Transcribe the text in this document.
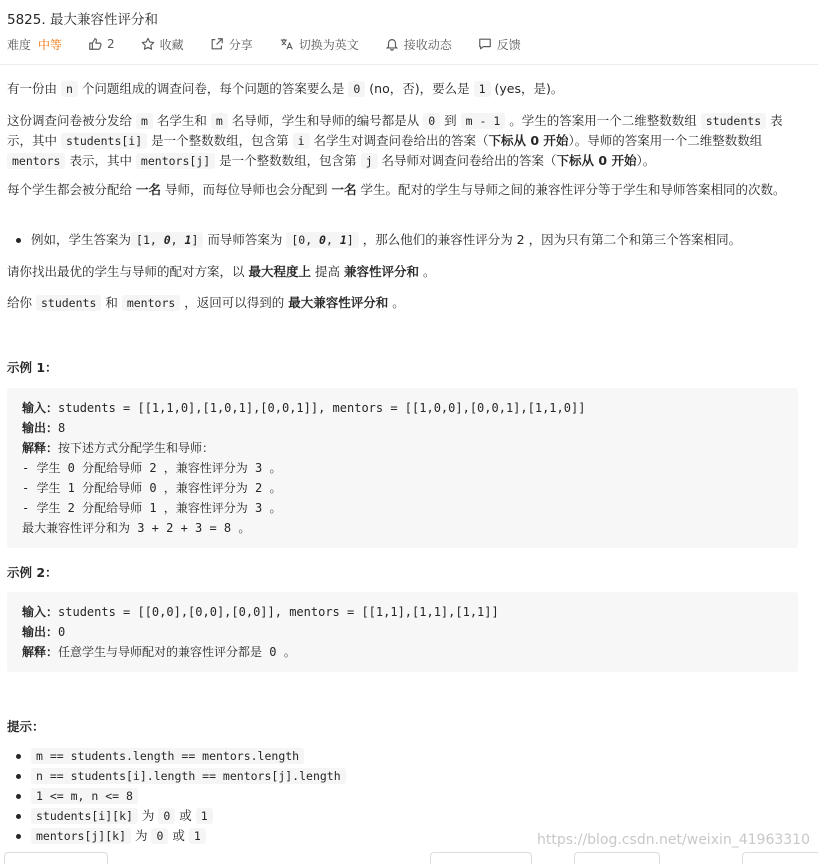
5825. 最大兼容性评分和
难度 中等	2	收藏	分享	切换为英文	接收动态	反馈
有一份由 n 个问题组成的调查问卷，每个问题的答案要么是 0 (no，否)，要么是 1 (yes，是)。
这份调查问卷被分发给 m 名学生和 m 名导师，学生和导师的编号都是从 0 到 m - 1 。学生的答案用一个二维整数数组 students 表示，其中 students[i] 是一个整数数组，包含第 i 名学生对调查问卷给出的答案（下标从 0 开始）。导师的答案用一个二维整数数组 mentors 表示，其中 mentors[j] 是一个整数数组，包含第 j 名导师对调查问卷给出的答案（下标从 0 开始）。
每个学生都会被分配给 一名 导师，而每位导师也会分配到 一名 学生。配对的学生与导师之间的兼容性评分等于学生和导师答案相同的次数。
例如，学生答案为 [1, 0, 1] 而导师答案为 [0, 0, 1] ，那么他们的兼容性评分为 2 ，因为只有第二个和第三个答案相同。
请你找出最优的学生与导师的配对方案，以 最大程度上 提高 兼容性评分和 。
给你 students 和 mentors ，返回可以得到的 最大兼容性评分和 。
示例 1：
输入：students = [[1,1,0],[1,0,1],[0,0,1]], mentors = [[1,0,0],[0,0,1],[1,1,0]]
输出：8
解释：按下述方式分配学生和导师：
- 学生 0 分配给导师 2 ，兼容性评分为 3 。
- 学生 1 分配给导师 0 ，兼容性评分为 2 。
- 学生 2 分配给导师 1 ，兼容性评分为 3 。
最大兼容性评分和为 3 + 2 + 3 = 8 。
示例 2：
输入：students = [[0,0],[0,0],[0,0]], mentors = [[1,1],[1,1],[1,1]]
输出：0
解释：任意学生与导师配对的兼容性评分都是 0 。
提示：
m == students.length == mentors.length
n == students[i].length == mentors[j].length
1 <= m, n <= 8
students[i][k] 为 0 或 1
mentors[j][k] 为 0 或 1	https://blog.csdn.net/weixin_41963310
